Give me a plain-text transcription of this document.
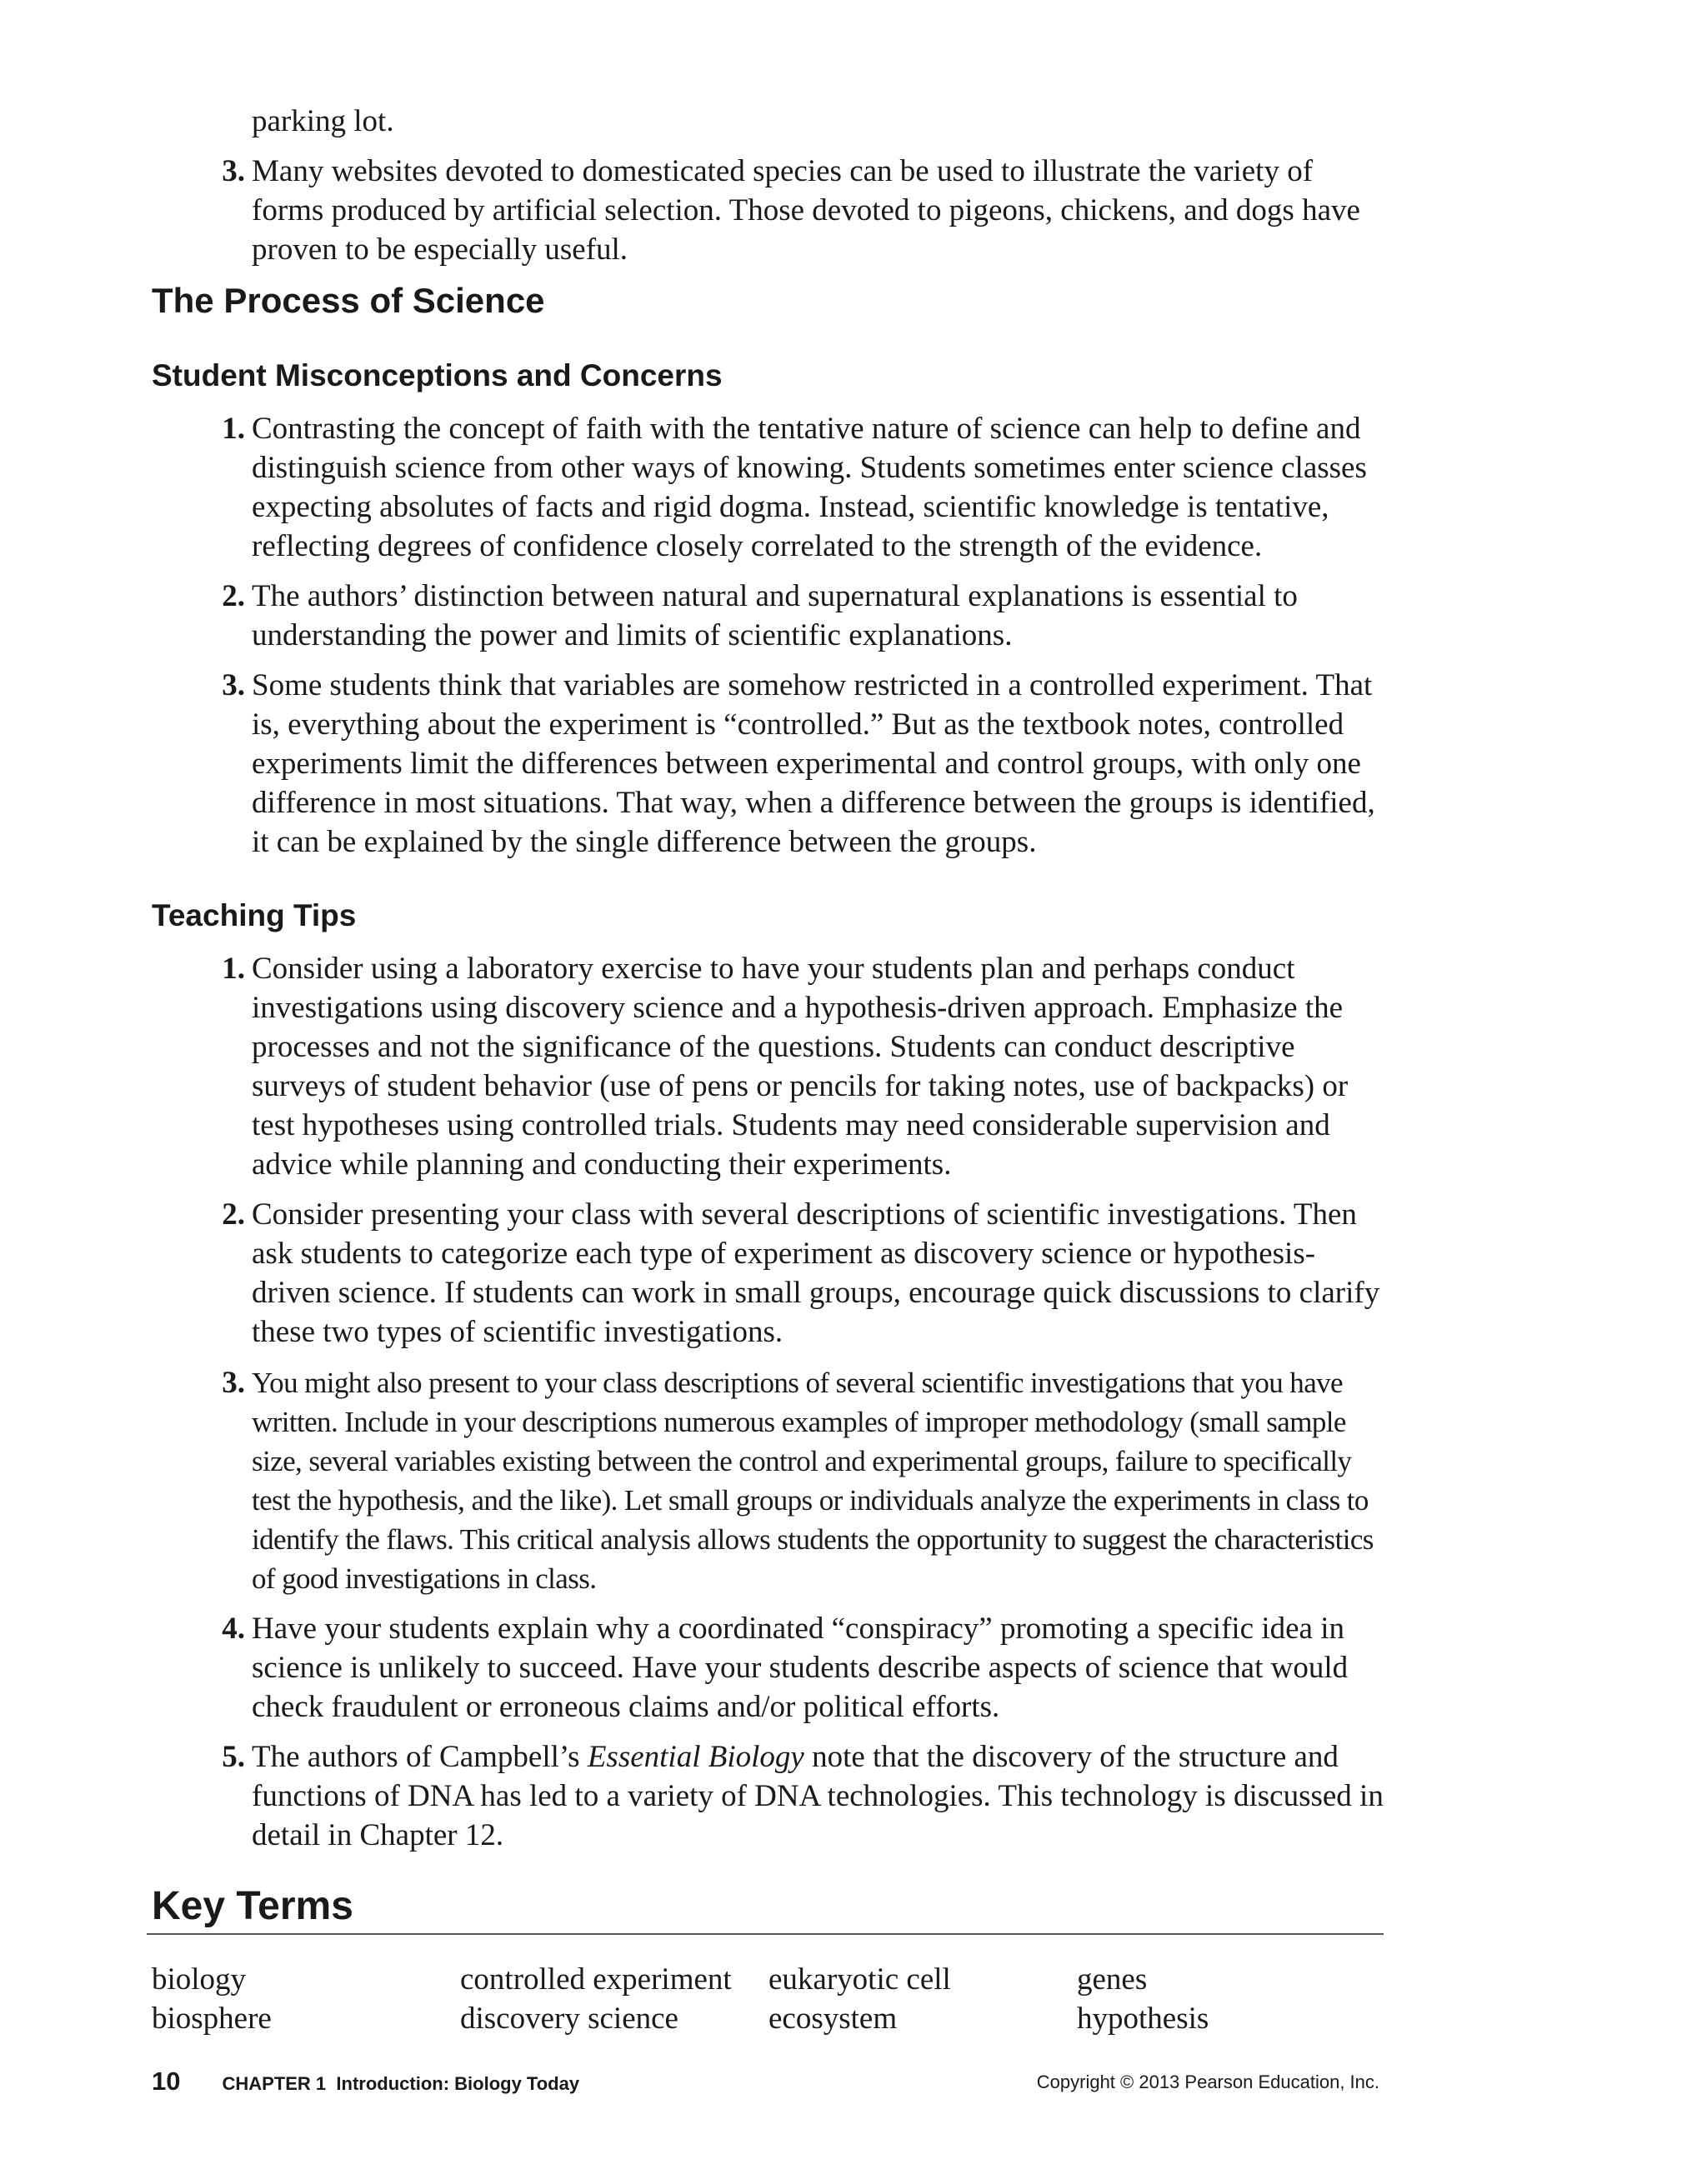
parking lot.
3. Many websites devoted to domesticated species can be used to illustrate the variety of forms produced by artificial selection. Those devoted to pigeons, chickens, and dogs have proven to be especially useful.
The Process of Science
Student Misconceptions and Concerns
1. Contrasting the concept of faith with the tentative nature of science can help to define and distinguish science from other ways of knowing. Students sometimes enter science classes expecting absolutes of facts and rigid dogma. Instead, scientific knowledge is tentative, reflecting degrees of confidence closely correlated to the strength of the evidence.
2. The authors’ distinction between natural and supernatural explanations is essential to understanding the power and limits of scientific explanations.
3. Some students think that variables are somehow restricted in a controlled experiment. That is, everything about the experiment is “controlled.” But as the textbook notes, controlled experiments limit the differences between experimental and control groups, with only one difference in most situations. That way, when a difference between the groups is identified, it can be explained by the single difference between the groups.
Teaching Tips
1. Consider using a laboratory exercise to have your students plan and perhaps conduct investigations using discovery science and a hypothesis-driven approach. Emphasize the processes and not the significance of the questions. Students can conduct descriptive surveys of student behavior (use of pens or pencils for taking notes, use of backpacks) or test hypotheses using controlled trials. Students may need considerable supervision and advice while planning and conducting their experiments.
2. Consider presenting your class with several descriptions of scientific investigations. Then ask students to categorize each type of experiment as discovery science or hypothesis-driven science. If students can work in small groups, encourage quick discussions to clarify these two types of scientific investigations.
3. You might also present to your class descriptions of several scientific investigations that you have written. Include in your descriptions numerous examples of improper methodology (small sample size, several variables existing between the control and experimental groups, failure to specifically test the hypothesis, and the like). Let small groups or individuals analyze the experiments in class to identify the flaws. This critical analysis allows students the opportunity to suggest the characteristics of good investigations in class.
4. Have your students explain why a coordinated “conspiracy” promoting a specific idea in science is unlikely to succeed. Have your students describe aspects of science that would check fraudulent or erroneous claims and/or political efforts.
5. The authors of Campbell’s Essential Biology note that the discovery of the structure and functions of DNA has led to a variety of DNA technologies. This technology is discussed in detail in Chapter 12.
Key Terms
biology	controlled experiment	eukaryotic cell	genes
biosphere	discovery science	ecosystem	hypothesis
10 CHAPTER 1  Introduction: Biology Today	Copyright © 2013 Pearson Education, Inc.
